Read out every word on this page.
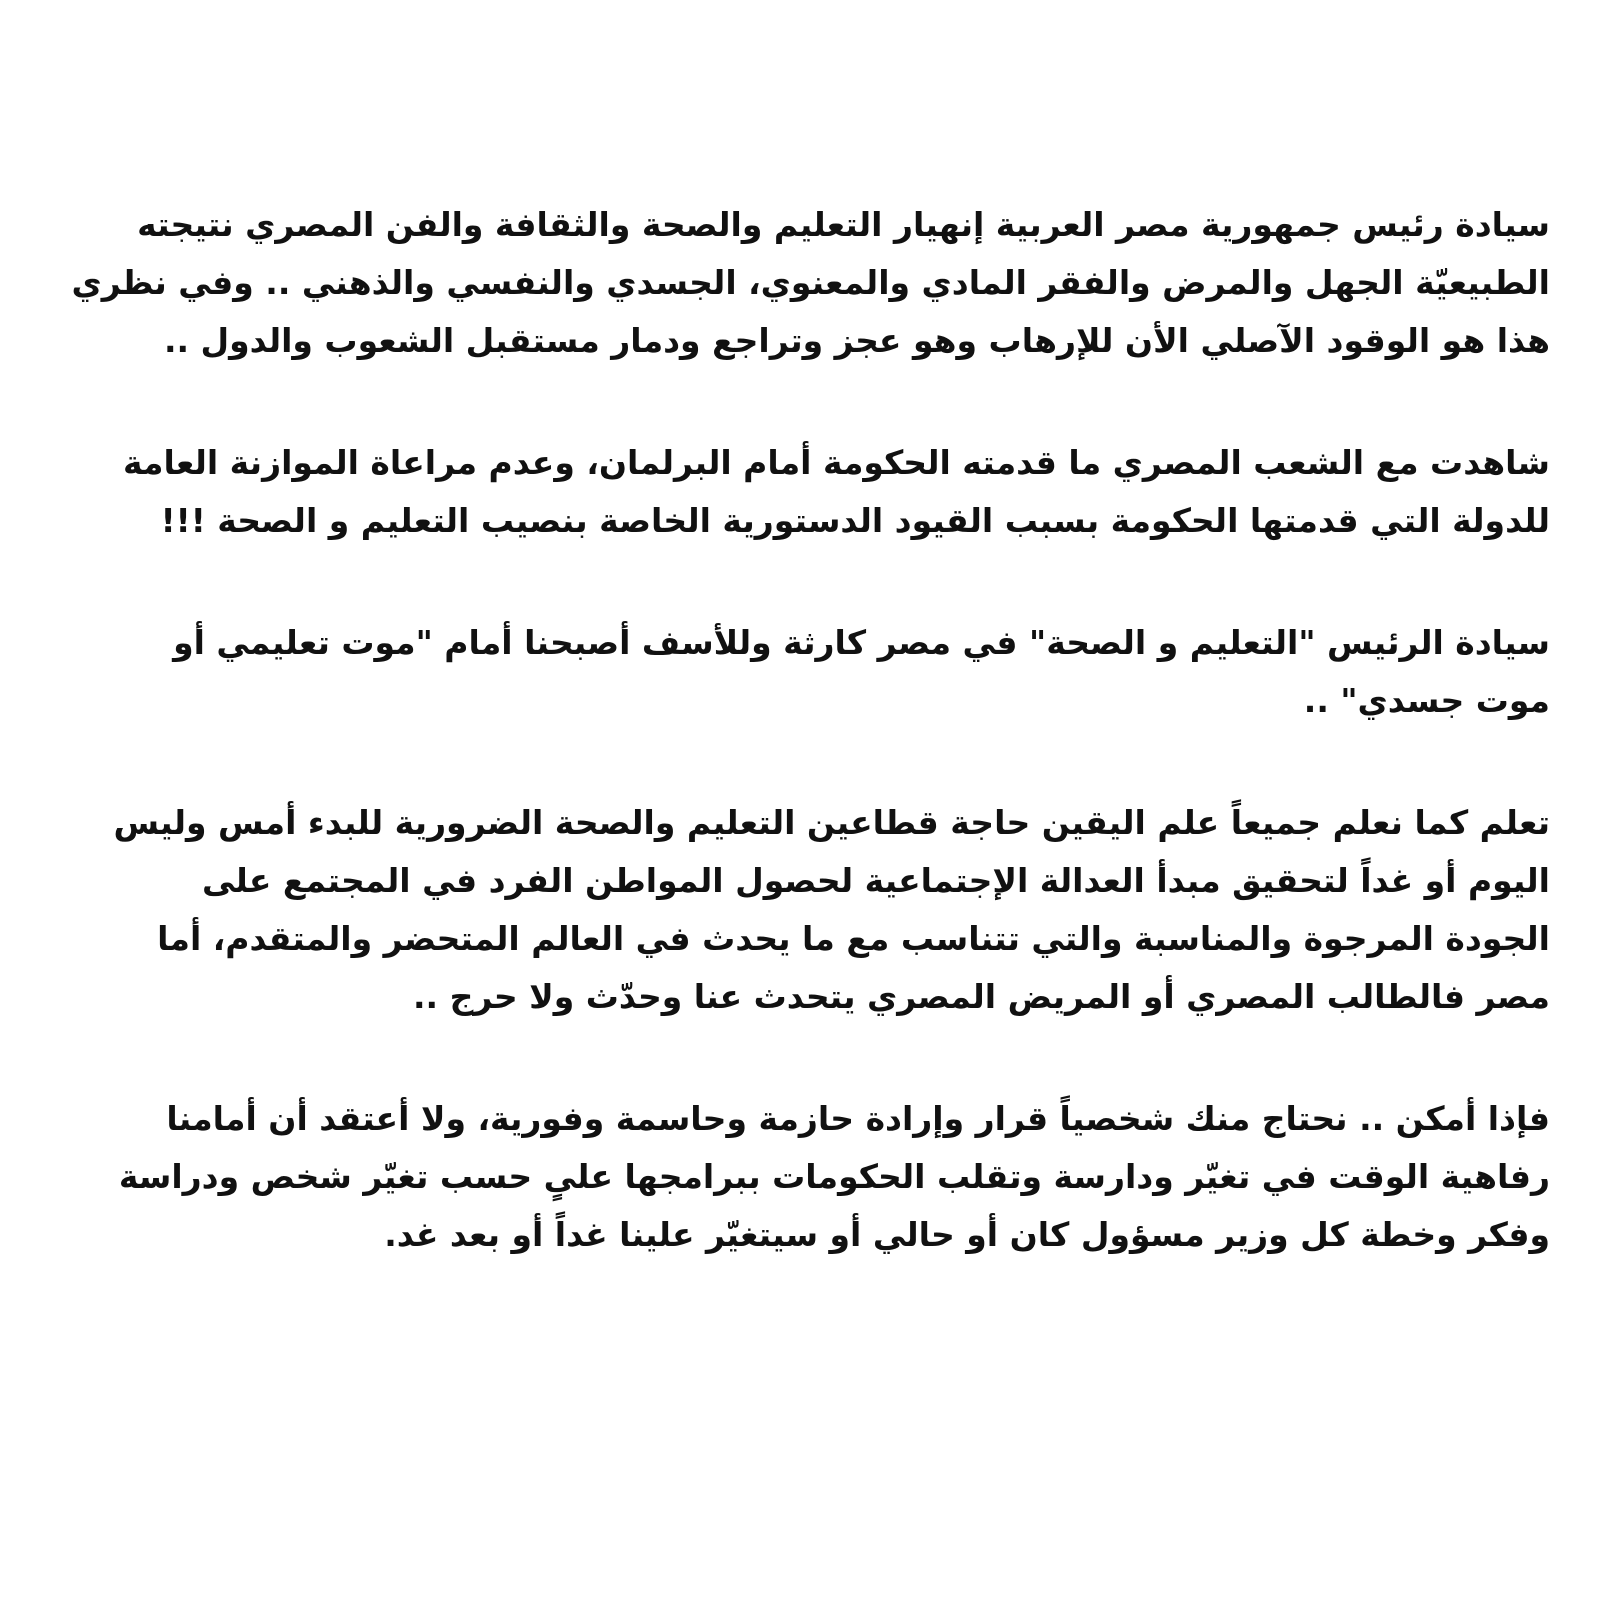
سيادة رئيس جمهورية مصر العربية إنهيار التعليم والصحة والثقافة والفن المصري نتيجته
الطبيعيّة الجهل والمرض والفقر المادي والمعنوي، الجسدي والنفسي والذهني .. وفي نظري
هذا هو الوقود الآصلي الأن للإرهاب وهو عجز وتراجع ودمار مستقبل الشعوب والدول ..
شاهدت مع الشعب المصري ما قدمته الحكومة أمام البرلمان، وعدم مراعاة الموازنة العامة
للدولة التي قدمتها الحكومة بسبب القيود الدستورية الخاصة بنصيب التعليم و الصحة !!!
سيادة الرئيس "التعليم و الصحة" في مصر كارثة وللأسف أصبحنا أمام "موت تعليمي أو
موت جسدي" ..
تعلم كما نعلم جميعاً علم اليقين حاجة قطاعين التعليم والصحة الضرورية للبدء أمس وليس
اليوم أو غداً لتحقيق مبدأ العدالة الإجتماعية لحصول المواطن الفرد في المجتمع على
الجودة المرجوة والمناسبة والتي تتناسب مع ما يحدث في العالم المتحضر والمتقدم، أما
مصر فالطالب المصري أو المريض المصري يتحدث عنا وحدّث ولا حرج ..
فإذا أمكن .. نحتاج منك شخصياً قرار وإرادة حازمة وحاسمة وفورية، ولا أعتقد أن أمامنا
رفاهية الوقت في تغيّر ودارسة وتقلب الحكومات ببرامجها علىٍ حسب تغيّر شخص ودراسة
وفكر وخطة كل وزير مسؤول كان أو حالي أو سيتغيّر علينا غداً أو بعد غد.
